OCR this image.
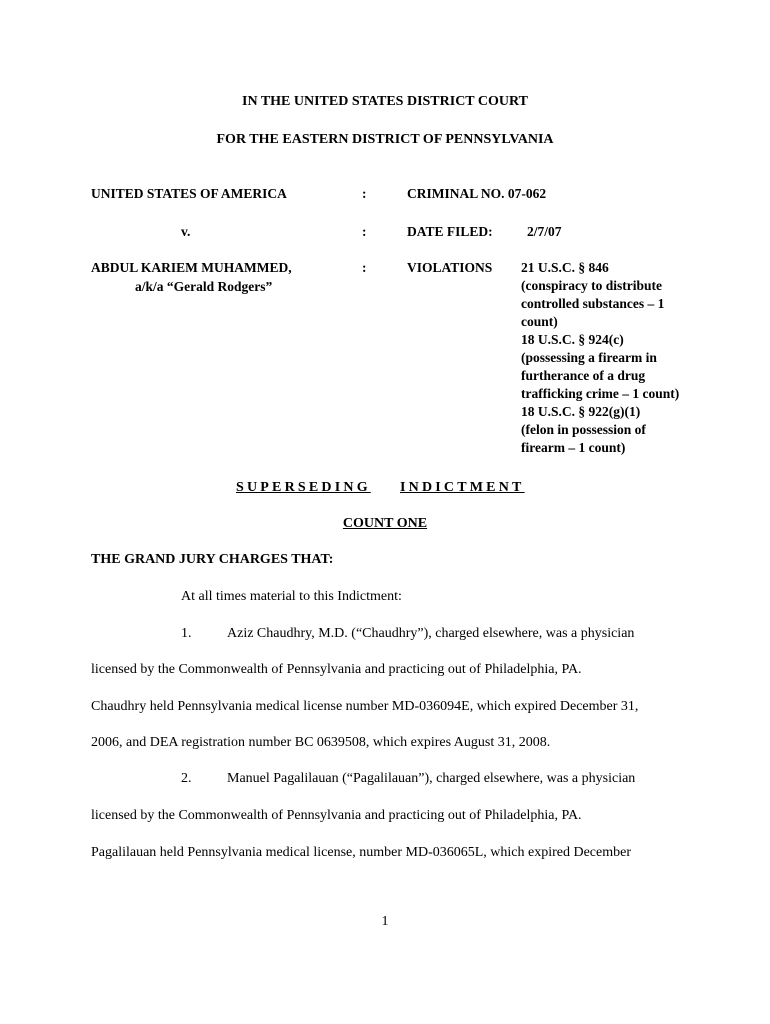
IN THE UNITED STATES DISTRICT COURT
FOR THE EASTERN DISTRICT OF PENNSYLVANIA
UNITED STATES OF AMERICA	:	CRIMINAL NO. 07-062
v.	:	DATE FILED:	2/7/07
ABDUL KARIEM MUHAMMED,
a/k/a “Gerald Rodgers”
:	VIOLATIONS 21 U.S.C. § 846
(conspiracy to distribute
controlled substances – 1
count)
18 U.S.C. § 924(c)
(possessing a firearm in
furtherance of a drug
trafficking crime – 1 count)
18 U.S.C. § 922(g)(1)
(felon in possession of
firearm – 1 count)
SUPERSEDING INDICTMENT
COUNT ONE
THE GRAND JURY CHARGES THAT:
At all times material to this Indictment:
1.	Aziz Chaudhry, M.D. (“Chaudhry”), charged elsewhere, was a physician
licensed by the Commonwealth of Pennsylvania and practicing out of Philadelphia, PA.
Chaudhry held Pennsylvania medical license number MD-036094E, which expired December 31,
2006, and DEA registration number BC 0639508, which expires August 31, 2008.
2.	Manuel Pagalilauan (“Pagalilauan”), charged elsewhere, was a physician
licensed by the Commonwealth of Pennsylvania and practicing out of Philadelphia, PA.
Pagalilauan held Pennsylvania medical license, number MD-036065L, which expired December
1
